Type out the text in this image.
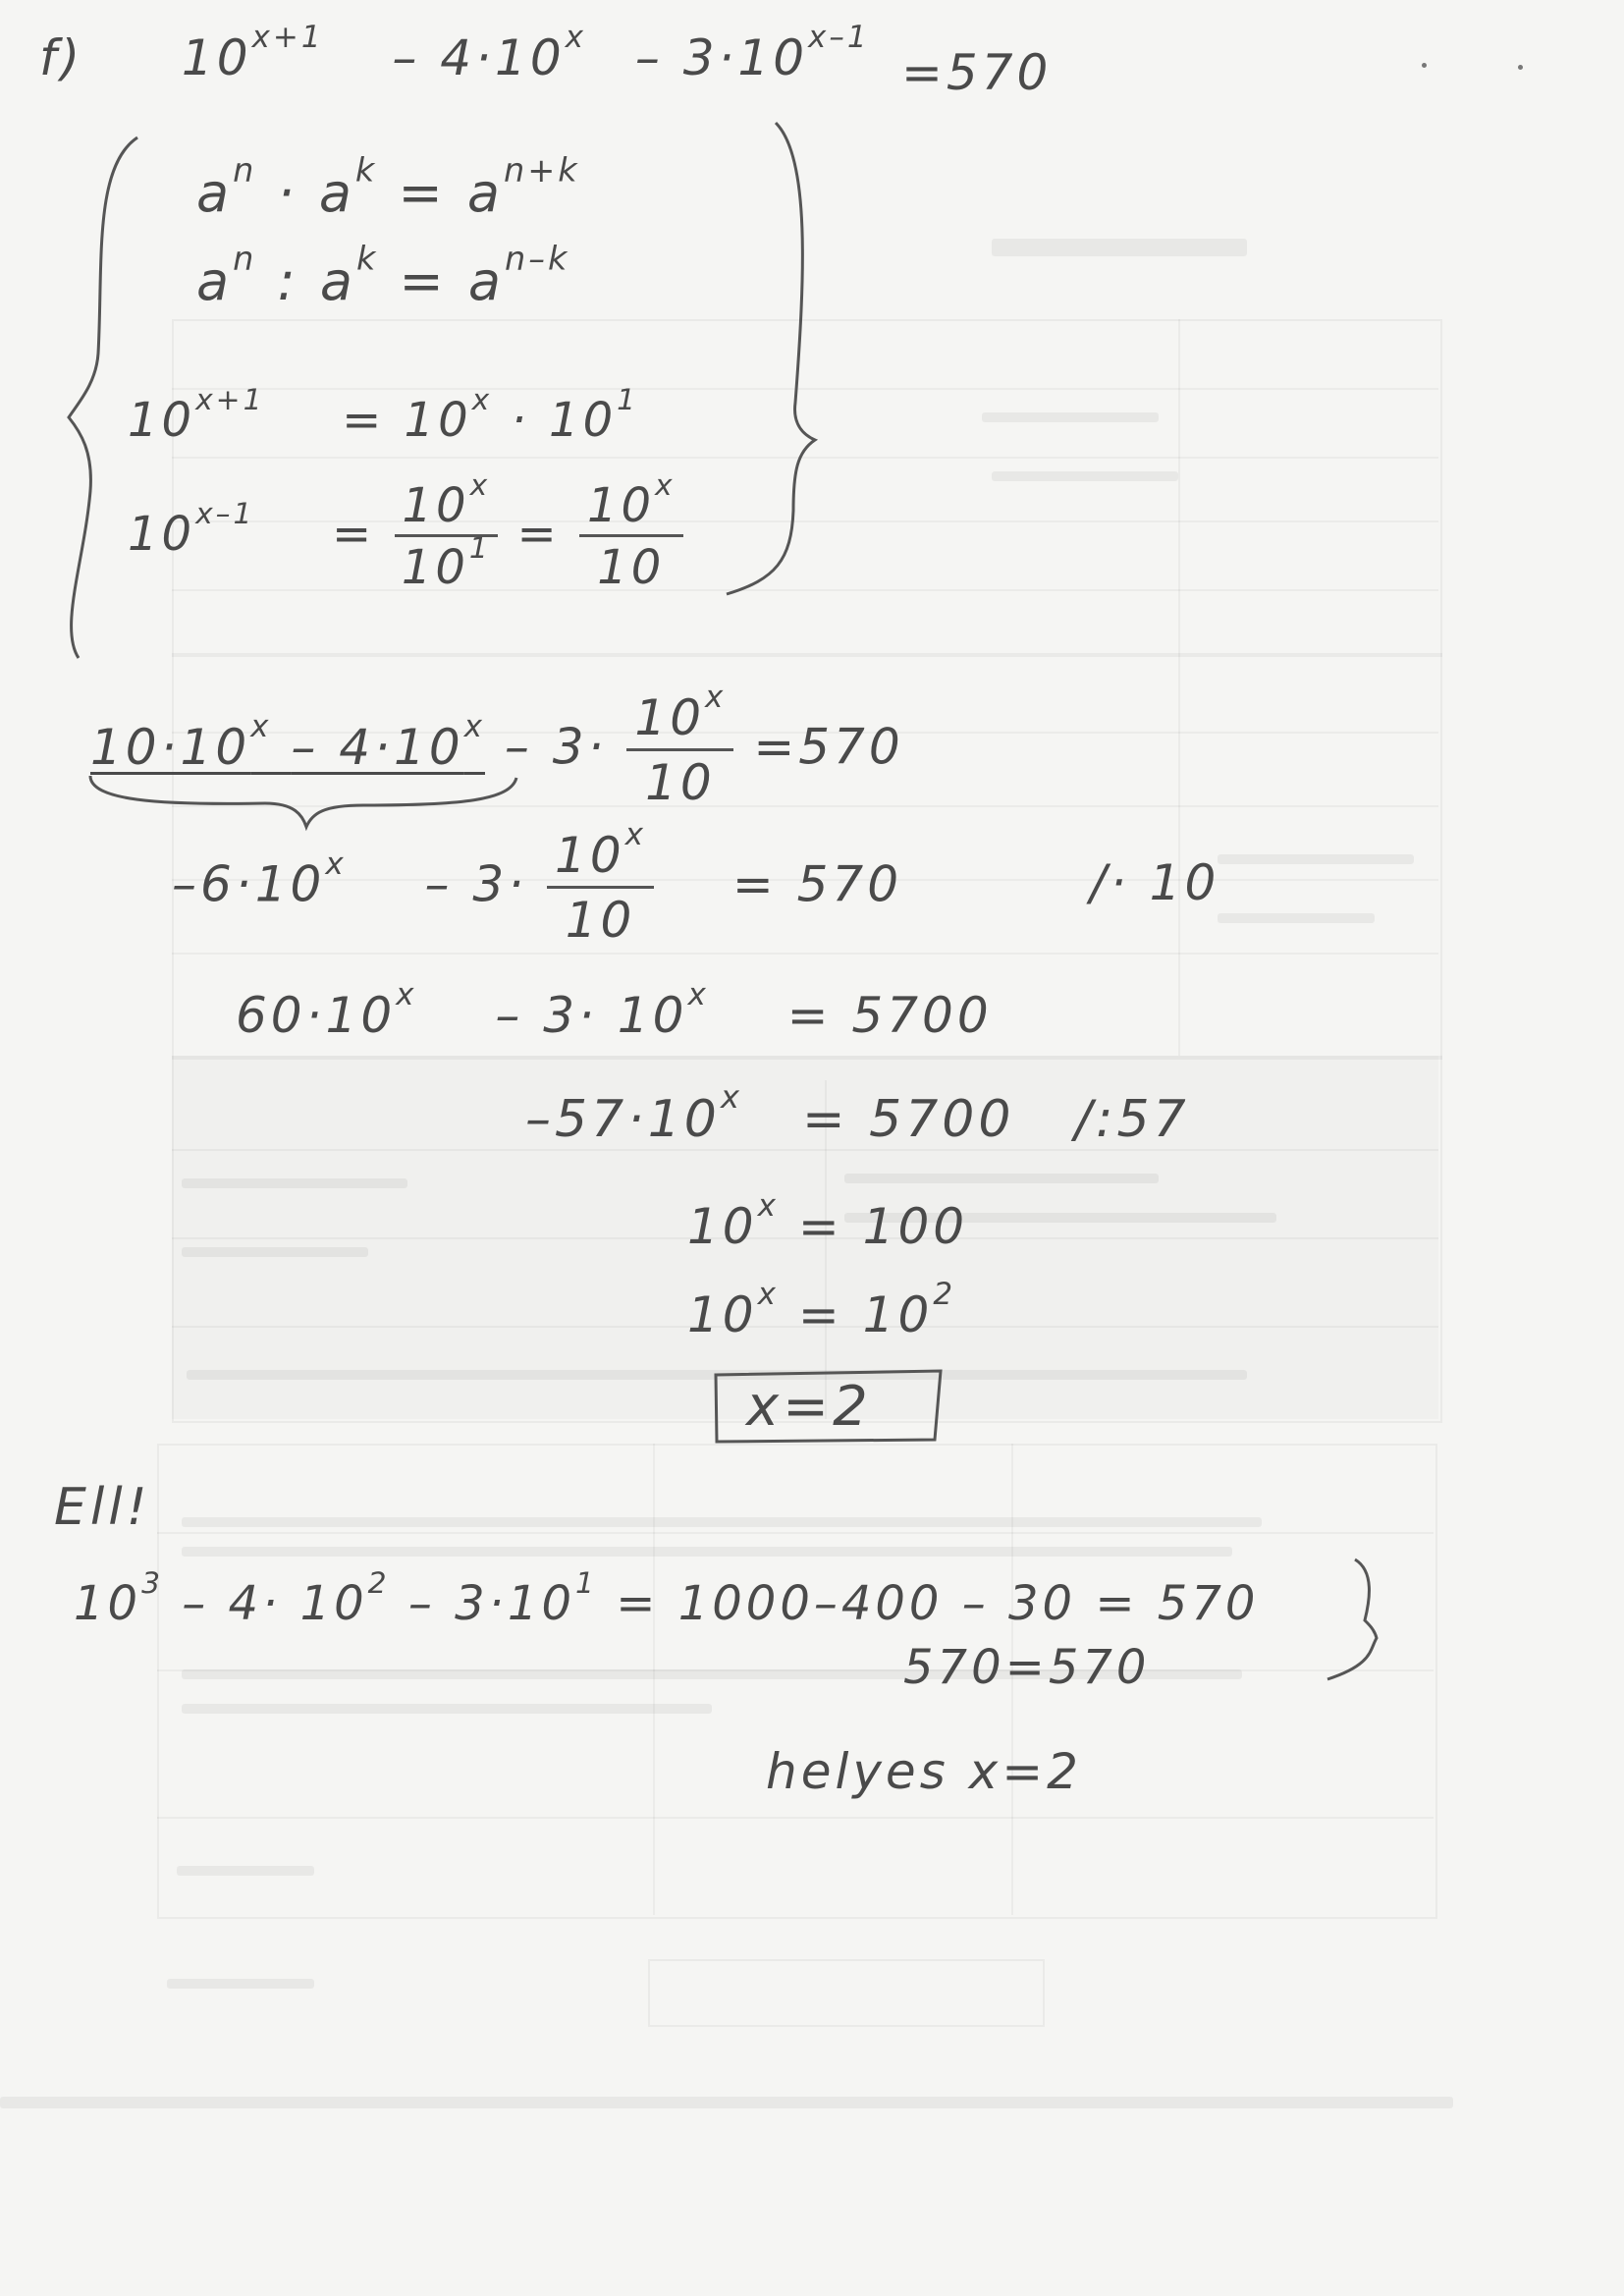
f) $10^{x+1} - 4\cdot 10^x - 3\cdot 10^{x-1}$
=570
$a^n \cdot a^k = a^{n+k}$
$a^n$ : $a^k = a^{n-k}$
$10^{x+1} = 10^x \cdot 10^1$
$10^{x-1} = \frac{10^x}{10^1} = \frac{10^x}{10}$
$10\cdot 10^x - 4\cdot 10^x - 3\cdot \frac{10^x}{10} =570$
$-6\cdot 10^x - 3\cdot \frac{10^x}{10} = 570$	/· 10
$60\cdot 10^x - 3\cdot 10^x = 5700$
$-57\cdot 10^x = 5700$ /:57
$10^x = 100$
$10^x = 10^2$
x=2
Ell!
$10^3 - 4\cdot 10^2 - 3\cdot 10^1 = 1000-400 - 30 = 570$
570=570
helyes x=2
